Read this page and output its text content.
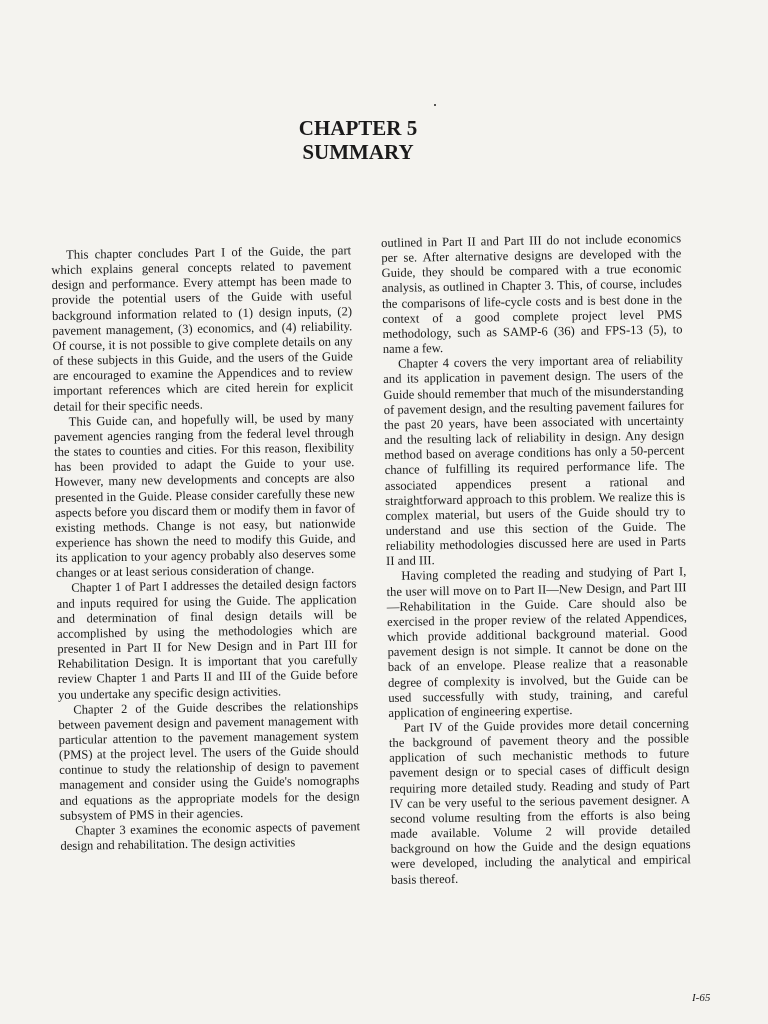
CHAPTER 5
SUMMARY

This chapter concludes Part I of the Guide, the part which explains general concepts related to pavement design and performance. Every attempt has been made to provide the potential users of the Guide with useful background information related to (1) design inputs, (2) pavement management, (3) economics, and (4) reliability. Of course, it is not possible to give complete details on any of these subjects in this Guide, and the users of the Guide are encouraged to examine the Appendices and to review important references which are cited herein for explicit detail for their specific needs.

This Guide can, and hopefully will, be used by many pavement agencies ranging from the federal level through the states to counties and cities. For this reason, flexibility has been provided to adapt the Guide to your use. However, many new developments and concepts are also presented in the Guide. Please consider carefully these new aspects before you discard them or modify them in favor of existing methods. Change is not easy, but nationwide experience has shown the need to modify this Guide, and its application to your agency probably also deserves some changes or at least serious consideration of change.

Chapter 1 of Part I addresses the detailed design factors and inputs required for using the Guide. The application and determination of final design details will be accomplished by using the methodologies which are presented in Part II for New Design and in Part III for Rehabilitation Design. It is important that you carefully review Chapter 1 and Parts II and III of the Guide before you undertake any specific design activities.

Chapter 2 of the Guide describes the relationships between pavement design and pavement management with particular attention to the pavement management system (PMS) at the project level. The users of the Guide should continue to study the relationship of design to pavement management and consider using the Guide's nomographs and equations as the appropriate models for the design subsystem of PMS in their agencies.

Chapter 3 examines the economic aspects of pavement design and rehabilitation. The design activities

outlined in Part II and Part III do not include economics per se. After alternative designs are developed with the Guide, they should be compared with a true economic analysis, as outlined in Chapter 3. This, of course, includes the comparisons of life-cycle costs and is best done in the context of a good complete project level PMS methodology, such as SAMP-6 (36) and FPS-13 (5), to name a few.

Chapter 4 covers the very important area of reliability and its application in pavement design. The users of the Guide should remember that much of the misunderstanding of pavement design, and the resulting pavement failures for the past 20 years, have been associated with uncertainty and the resulting lack of reliability in design. Any design method based on average conditions has only a 50-percent chance of fulfilling its required performance life. The associated appendices present a rational and straightforward approach to this problem. We realize this is complex material, but users of the Guide should try to understand and use this section of the Guide. The reliability methodologies discussed here are used in Parts II and III.

Having completed the reading and studying of Part I, the user will move on to Part II—New Design, and Part III—Rehabilitation in the Guide. Care should also be exercised in the proper review of the related Appendices, which provide additional background material. Good pavement design is not simple. It cannot be done on the back of an envelope. Please realize that a reasonable degree of complexity is involved, but the Guide can be used successfully with study, training, and careful application of engineering expertise.

Part IV of the Guide provides more detail concerning the background of pavement theory and the possible application of such mechanistic methods to future pavement design or to special cases of difficult design requiring more detailed study. Reading and study of Part IV can be very useful to the serious pavement designer. A second volume resulting from the efforts is also being made available. Volume 2 will provide detailed background on how the Guide and the design equations were developed, including the analytical and empirical basis thereof.

I-65
